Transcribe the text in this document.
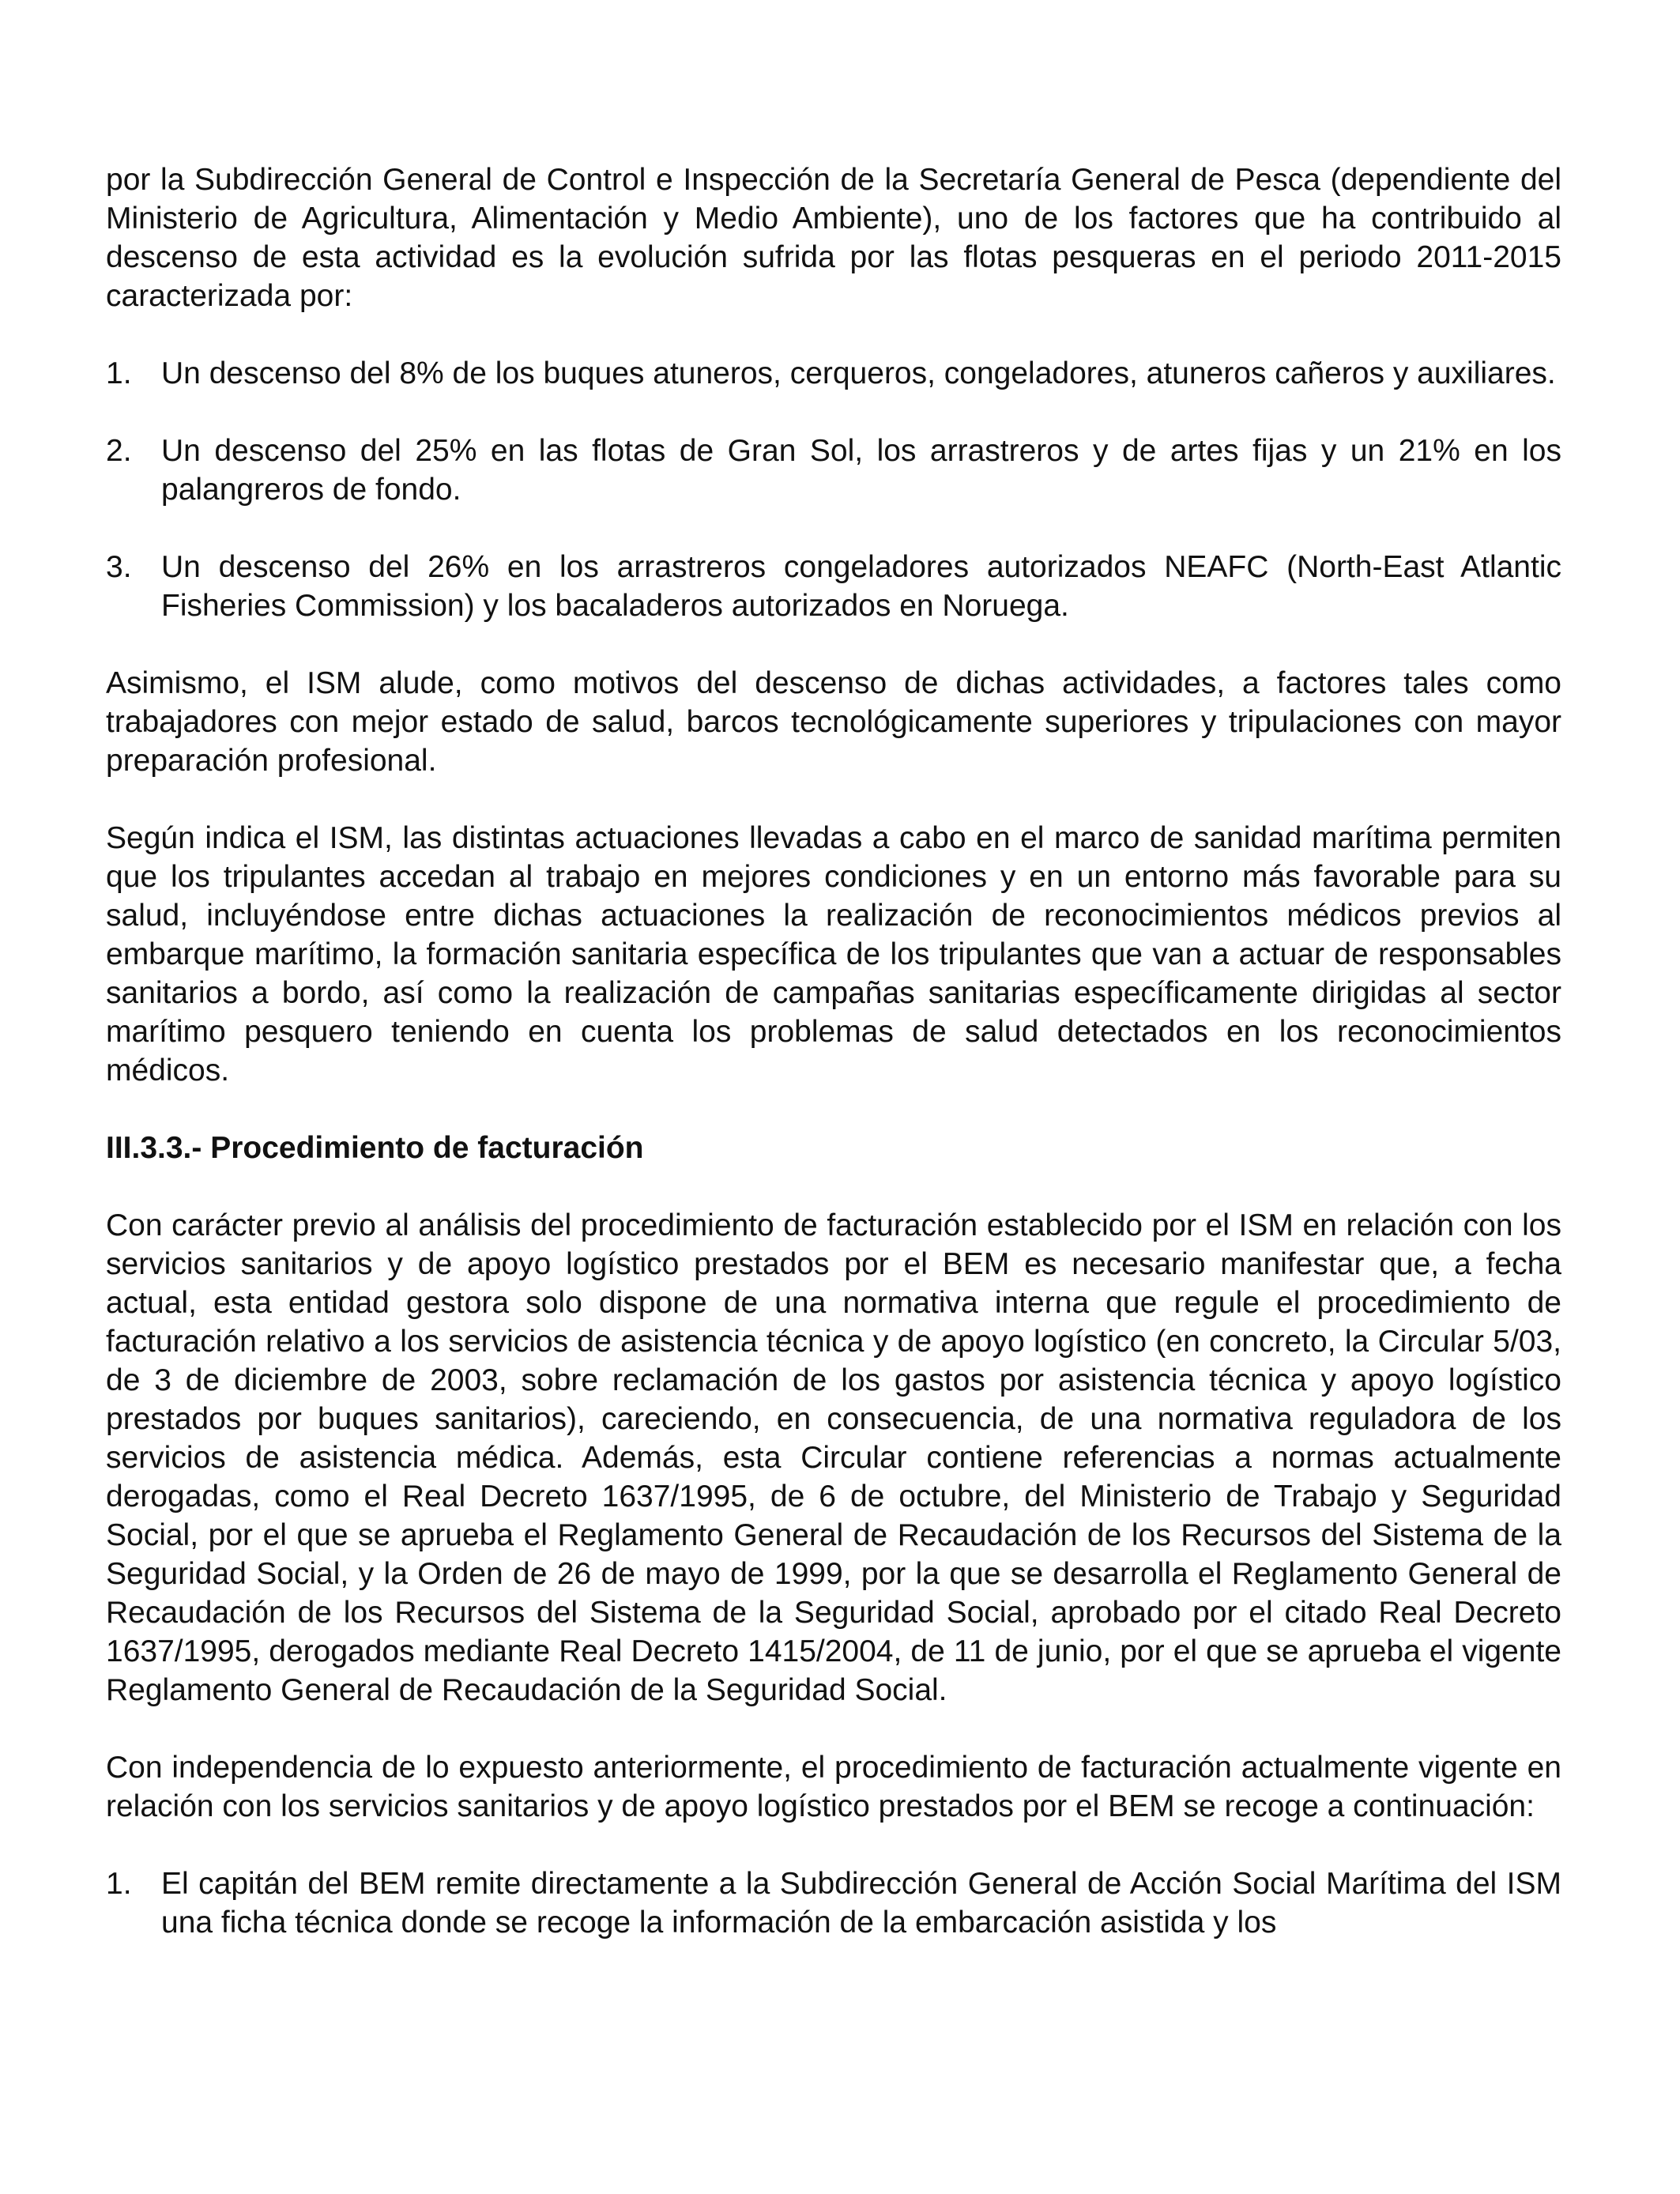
por la Subdirección General de Control e Inspección de la Secretaría General de Pesca (dependiente del Ministerio de Agricultura, Alimentación y Medio Ambiente), uno de los factores que ha contribuido al descenso de esta actividad es la evolución sufrida por las flotas pesqueras en el periodo 2011-2015 caracterizada por:

1. Un descenso del 8% de los buques atuneros, cerqueros, congeladores, atuneros cañeros y auxiliares.
2. Un descenso del 25% en las flotas de Gran Sol, los arrastreros y de artes fijas y un 21% en los palangreros de fondo.
3. Un descenso del 26% en los arrastreros congeladores autorizados NEAFC (North-East Atlantic Fisheries Commission) y los bacaladeros autorizados en Noruega.

Asimismo, el ISM alude, como motivos del descenso de dichas actividades, a factores tales como trabajadores con mejor estado de salud, barcos tecnológicamente superiores y tripulaciones con mayor preparación profesional.

Según indica el ISM, las distintas actuaciones llevadas a cabo en el marco de sanidad marítima permiten que los tripulantes accedan al trabajo en mejores condiciones y en un entorno más favorable para su salud, incluyéndose entre dichas actuaciones la realización de reconocimientos médicos previos al embarque marítimo, la formación sanitaria específica de los tripulantes que van a actuar de responsables sanitarios a bordo, así como la realización de campañas sanitarias específicamente dirigidas al sector marítimo pesquero teniendo en cuenta los problemas de salud detectados en los reconocimientos médicos.

III.3.3.- Procedimiento de facturación

Con carácter previo al análisis del procedimiento de facturación establecido por el ISM en relación con los servicios sanitarios y de apoyo logístico prestados por el BEM es necesario manifestar que, a fecha actual, esta entidad gestora solo dispone de una normativa interna que regule el procedimiento de facturación relativo a los servicios de asistencia técnica y de apoyo logístico (en concreto, la Circular 5/03, de 3 de diciembre de 2003, sobre reclamación de los gastos por asistencia técnica y apoyo logístico prestados por buques sanitarios), careciendo, en consecuencia, de una normativa reguladora de los servicios de asistencia médica. Además, esta Circular contiene referencias a normas actualmente derogadas, como el Real Decreto 1637/1995, de 6 de octubre, del Ministerio de Trabajo y Seguridad Social, por el que se aprueba el Reglamento General de Recaudación de los Recursos del Sistema de la Seguridad Social, y la Orden de 26 de mayo de 1999, por la que se desarrolla el Reglamento General de Recaudación de los Recursos del Sistema de la Seguridad Social, aprobado por el citado Real Decreto 1637/1995, derogados mediante Real Decreto 1415/2004, de 11 de junio, por el que se aprueba el vigente Reglamento General de Recaudación de la Seguridad Social.

Con independencia de lo expuesto anteriormente, el procedimiento de facturación actualmente vigente en relación con los servicios sanitarios y de apoyo logístico prestados por el BEM se recoge a continuación:

1. El capitán del BEM remite directamente a la Subdirección General de Acción Social Marítima del ISM una ficha técnica donde se recoge la información de la embarcación asistida y los
